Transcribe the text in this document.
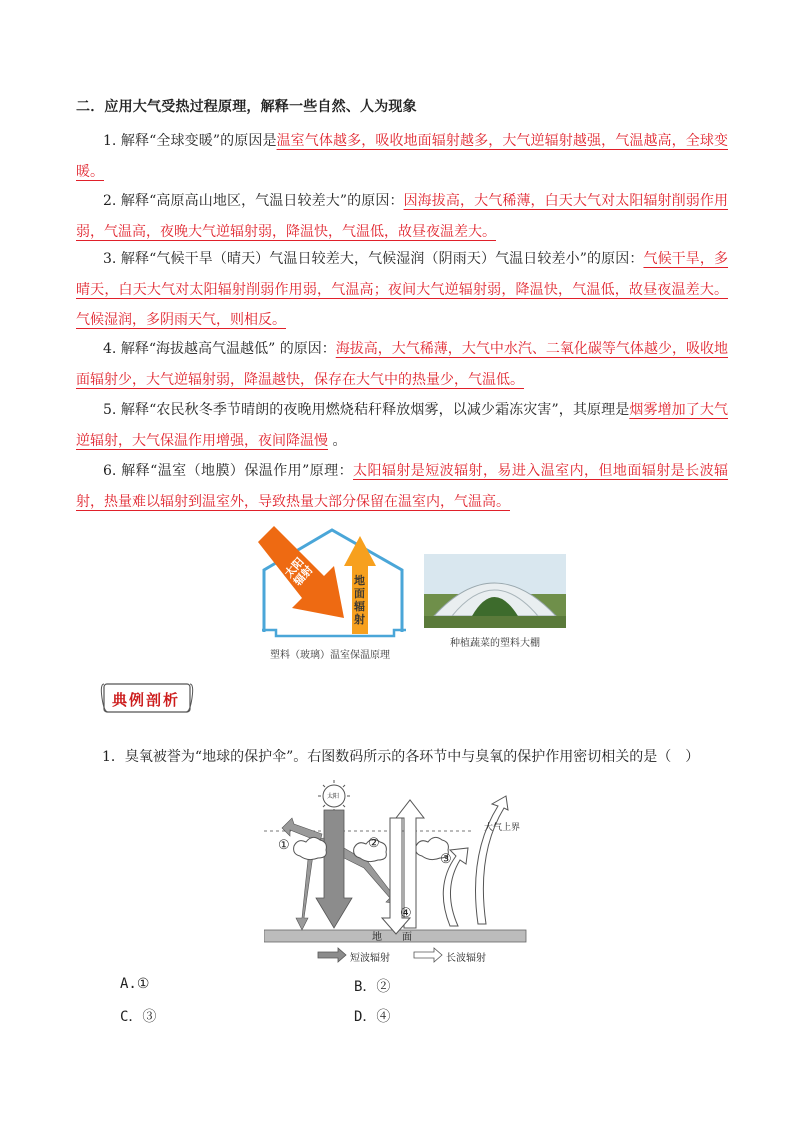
二．应用大气受热过程原理，解释一些自然、人为现象
1. 解释“全球变暖”的原因是温室气体越多，吸收地面辐射越多，大气逆辐射越强，气温越高，全球变暖。
2. 解释“高原高山地区，气温日较差大”的原因：因海拔高，大气稀薄，白天大气对太阳辐射削弱作用弱，气温高，夜晚大气逆辐射弱，降温快，气温低，故昼夜温差大。
3. 解释“气候干旱（晴天）气温日较差大，气候湿润（阴雨天）气温日较差小”的原因：气候干旱，多晴天，白天大气对太阳辐射削弱作用弱，气温高；夜间大气逆辐射弱，降温快，气温低，故昼夜温差大。气候湿润，多阴雨天气，则相反。
4. 解释“海拔越高气温越低” 的原因：海拔高，大气稀薄，大气中水汽、二氧化碳等气体越少，吸收地面辐射少，大气逆辐射弱，降温越快，保存在大气中的热量少，气温低。
5. 解释“农民秋冬季节晴朗的夜晚用燃烧秸秆释放烟雾，以减少霜冻灾害”，其原理是烟雾增加了大气逆辐射，大气保温作用增强，夜间降温慢 。
6. 解释“温室（地膜）保温作用”原理：太阳辐射是短波辐射，易进入温室内，但地面辐射是长波辐射，热量难以辐射到温室外，导致热量大部分保留在温室内，气温高。
太阳辐射	地面辐射
塑料（玻璃）温室保温原理
种植蔬菜的塑料大棚
典例剖析
1．臭氧被誉为“地球的保护伞”。右图数码所示的各环节中与臭氧的保护作用密切相关的是（　）
太阳
大气上界
地　　面
①	②
③
④
短波辐射	长波辐射
A.①	B．②
C．③	D．④
